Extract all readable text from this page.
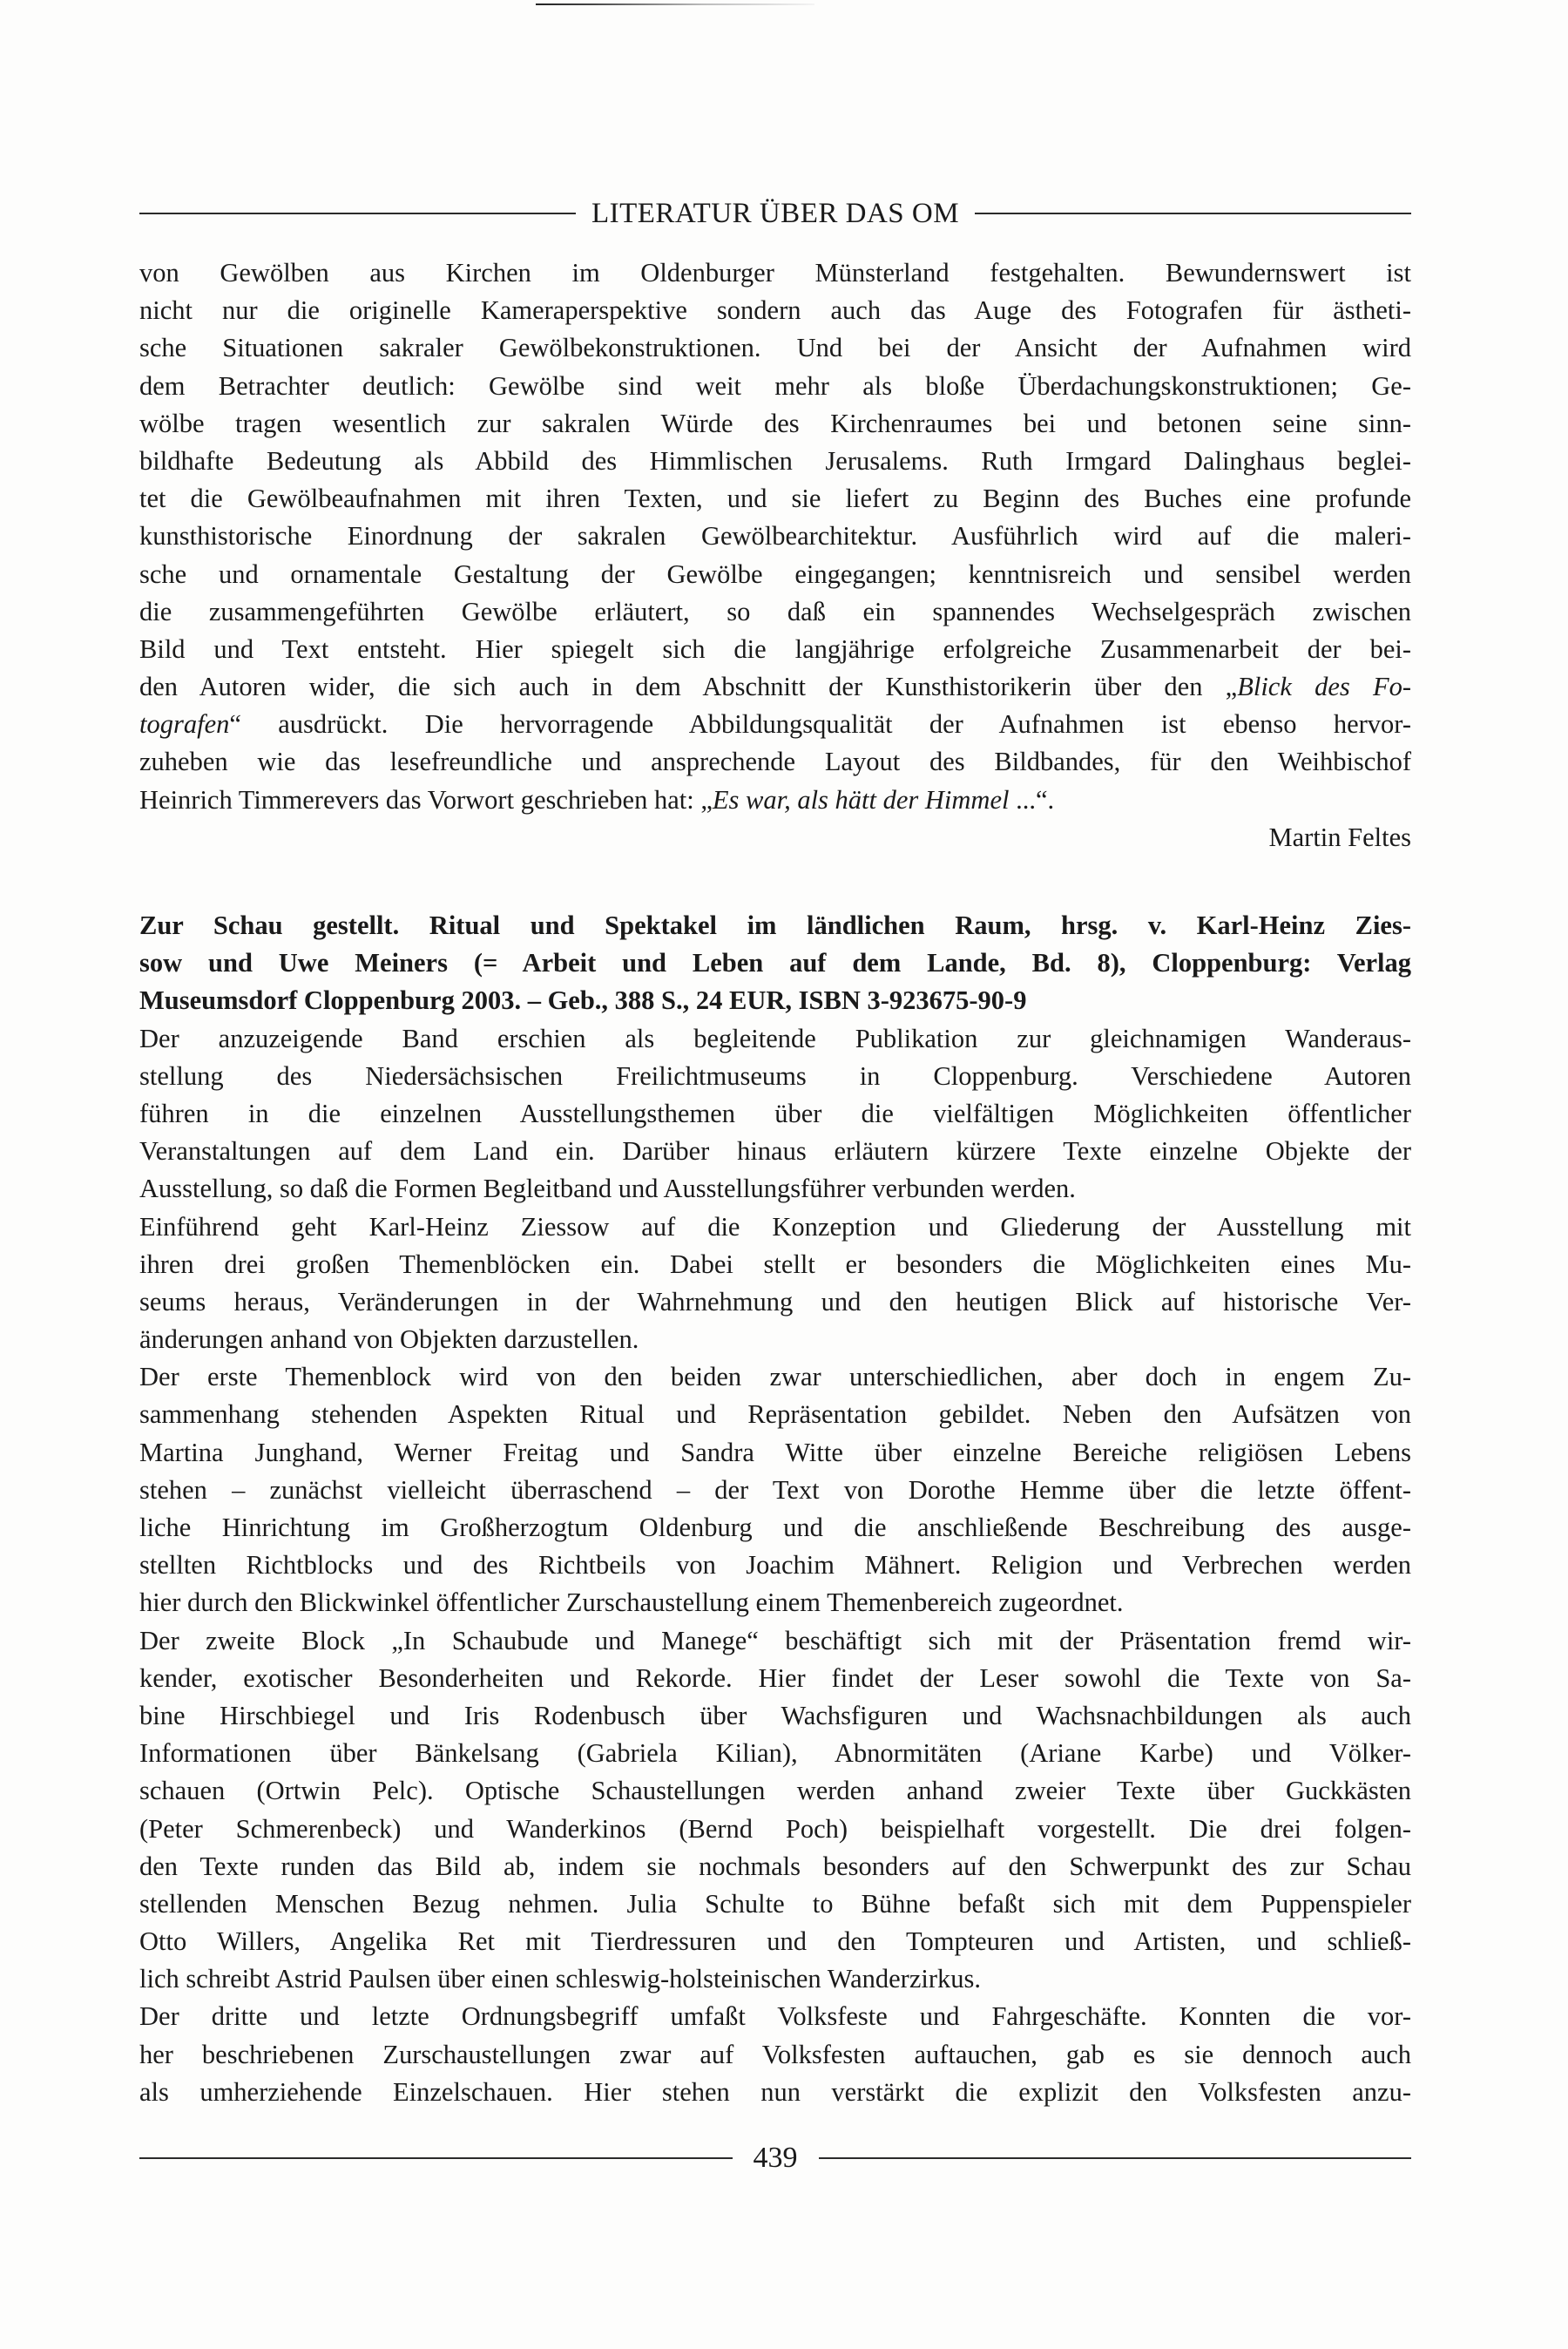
LITERATUR ÜBER DAS OM
von Gewölben aus Kirchen im Oldenburger Münsterland festgehalten. Bewundernswert ist
nicht nur die originelle Kameraperspektive sondern auch das Auge des Fotografen für ästheti-
sche Situationen sakraler Gewölbekonstruktionen. Und bei der Ansicht der Aufnahmen wird
dem Betrachter deutlich: Gewölbe sind weit mehr als bloße Überdachungskonstruktionen; Ge-
wölbe tragen wesentlich zur sakralen Würde des Kirchenraumes bei und betonen seine sinn-
bildhafte Bedeutung als Abbild des Himmlischen Jerusalems. Ruth Irmgard Dalinghaus beglei-
tet die Gewölbeaufnahmen mit ihren Texten, und sie liefert zu Beginn des Buches eine profunde
kunsthistorische Einordnung der sakralen Gewölbearchitektur. Ausführlich wird auf die maleri-
sche und ornamentale Gestaltung der Gewölbe eingegangen; kenntnisreich und sensibel werden
die zusammengeführten Gewölbe erläutert, so daß ein spannendes Wechselgespräch zwischen
Bild und Text entsteht. Hier spiegelt sich die langjährige erfolgreiche Zusammenarbeit der bei-
den Autoren wider, die sich auch in dem Abschnitt der Kunsthistorikerin über den „Blick des Fo-
tografen“ ausdrückt. Die hervorragende Abbildungsqualität der Aufnahmen ist ebenso hervor-
zuheben wie das lesefreundliche und ansprechende Layout des Bildbandes, für den Weihbischof
Heinrich Timmerevers das Vorwort geschrieben hat: „Es war, als hätt der Himmel ...“.
Martin Feltes
Zur Schau gestellt. Ritual und Spektakel im ländlichen Raum, hrsg. v. Karl-Heinz Zies-
sow und Uwe Meiners (= Arbeit und Leben auf dem Lande, Bd. 8), Cloppenburg: Verlag
Museumsdorf Cloppenburg 2003. – Geb., 388 S., 24 EUR, ISBN 3-923675-90-9
Der anzuzeigende Band erschien als begleitende Publikation zur gleichnamigen Wanderaus-
stellung des Niedersächsischen Freilichtmuseums in Cloppenburg. Verschiedene Autoren
führen in die einzelnen Ausstellungsthemen über die vielfältigen Möglichkeiten öffentlicher
Veranstaltungen auf dem Land ein. Darüber hinaus erläutern kürzere Texte einzelne Objekte der
Ausstellung, so daß die Formen Begleitband und Ausstellungsführer verbunden werden.
Einführend geht Karl-Heinz Ziessow auf die Konzeption und Gliederung der Ausstellung mit
ihren drei großen Themenblöcken ein. Dabei stellt er besonders die Möglichkeiten eines Mu-
seums heraus, Veränderungen in der Wahrnehmung und den heutigen Blick auf historische Ver-
änderungen anhand von Objekten darzustellen.
Der erste Themenblock wird von den beiden zwar unterschiedlichen, aber doch in engem Zu-
sammenhang stehenden Aspekten Ritual und Repräsentation gebildet. Neben den Aufsätzen von
Martina Junghand, Werner Freitag und Sandra Witte über einzelne Bereiche religiösen Lebens
stehen – zunächst vielleicht überraschend – der Text von Dorothe Hemme über die letzte öffent-
liche Hinrichtung im Großherzogtum Oldenburg und die anschließende Beschreibung des ausge-
stellten Richtblocks und des Richtbeils von Joachim Mähnert. Religion und Verbrechen werden
hier durch den Blickwinkel öffentlicher Zurschaustellung einem Themenbereich zugeordnet.
Der zweite Block „In Schaubude und Manege“ beschäftigt sich mit der Präsentation fremd wir-
kender, exotischer Besonderheiten und Rekorde. Hier findet der Leser sowohl die Texte von Sa-
bine Hirschbiegel und Iris Rodenbusch über Wachsfiguren und Wachsnachbildungen als auch
Informationen über Bänkelsang (Gabriela Kilian), Abnormitäten (Ariane Karbe) und Völker-
schauen (Ortwin Pelc). Optische Schaustellungen werden anhand zweier Texte über Guckkästen
(Peter Schmerenbeck) und Wanderkinos (Bernd Poch) beispielhaft vorgestellt. Die drei folgen-
den Texte runden das Bild ab, indem sie nochmals besonders auf den Schwerpunkt des zur Schau
stellenden Menschen Bezug nehmen. Julia Schulte to Bühne befaßt sich mit dem Puppenspieler
Otto Willers, Angelika Ret mit Tierdressuren und den Tompteuren und Artisten, und schließ-
lich schreibt Astrid Paulsen über einen schleswig-holsteinischen Wanderzirkus.
Der dritte und letzte Ordnungsbegriff umfaßt Volksfeste und Fahrgeschäfte. Konnten die vor-
her beschriebenen Zurschaustellungen zwar auf Volksfesten auftauchen, gab es sie dennoch auch
als umherziehende Einzelschauen. Hier stehen nun verstärkt die explizit den Volksfesten anzu-
439
